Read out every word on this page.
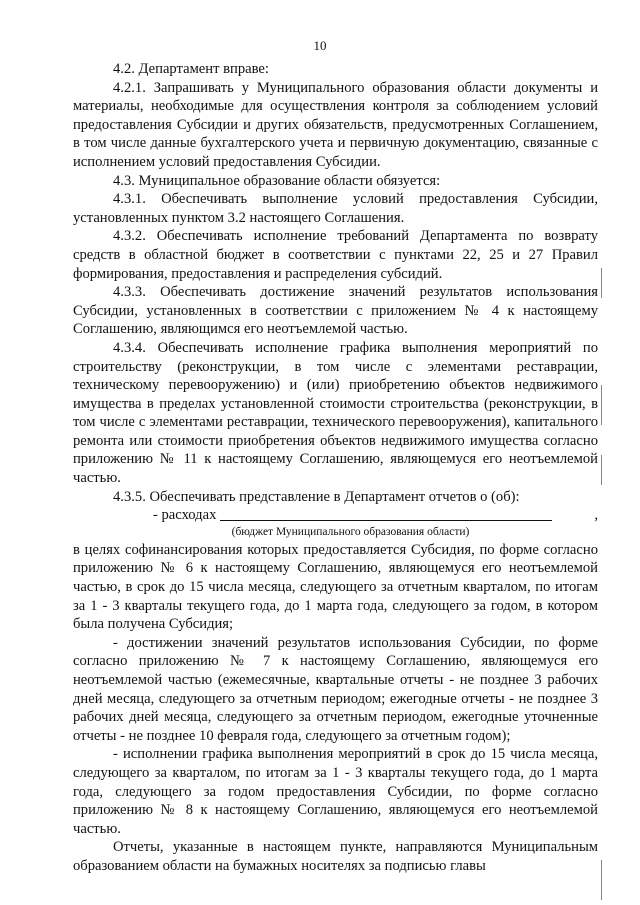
10

4.2. Департамент вправе:

4.2.1. Запрашивать у Муниципального образования области документы и материалы, необходимые для осуществления контроля за соблюдением условий предоставления Субсидии и других обязательств, предусмотренных Соглашением, в том числе данные бухгалтерского учета и первичную документацию, связанные с исполнением условий предоставления Субсидии.

4.3. Муниципальное образование области обязуется:

4.3.1. Обеспечивать выполнение условий предоставления Субсидии, установленных пунктом 3.2 настоящего Соглашения.

4.3.2. Обеспечивать исполнение требований Департамента по возврату средств в областной бюджет в соответствии с пунктами 22, 25 и 27 Правил формирования, предоставления и распределения субсидий.

4.3.3. Обеспечивать достижение значений результатов использования Субсидии, установленных в соответствии с приложением № 4 к настоящему Соглашению, являющимся его неотъемлемой частью.

4.3.4. Обеспечивать исполнение графика выполнения мероприятий по строительству (реконструкции, в том числе с элементами реставрации, техническому перевооружению) и (или) приобретению объектов недвижимого имущества в пределах установленной стоимости строительства (реконструкции, в том числе с элементами реставрации, технического перевооружения), капитального ремонта или стоимости приобретения объектов недвижимого имущества согласно приложению № 11 к настоящему Соглашению, являющемуся его неотъемлемой частью.

4.3.5. Обеспечивать представление в Департамент отчетов о (об):

- расходах	,
(бюджет Муниципального образования области)

в целях софинансирования которых предоставляется Субсидия, по форме согласно приложению № 6 к настоящему Соглашению, являющемуся его неотъемлемой частью, в срок до 15 числа месяца, следующего за отчетным кварталом, по итогам за 1 - 3 кварталы текущего года, до 1 марта года, следующего за годом, в котором была получена Субсидия;

- достижении значений результатов использования Субсидии, по форме согласно приложению № 7 к настоящему Соглашению, являющемуся его неотъемлемой частью (ежемесячные, квартальные отчеты - не позднее 3 рабочих дней месяца, следующего за отчетным периодом; ежегодные отчеты - не позднее 3 рабочих дней месяца, следующего за отчетным периодом, ежегодные уточненные отчеты - не позднее 10 февраля года, следующего за отчетным годом);

- исполнении графика выполнения мероприятий в срок до 15 числа месяца, следующего за кварталом, по итогам за 1 - 3 кварталы текущего года, до 1 марта года, следующего за годом предоставления Субсидии, по форме согласно приложению № 8 к настоящему Соглашению, являющемуся его неотъемлемой частью.

Отчеты, указанные в настоящем пункте, направляются Муниципальным образованием области на бумажных носителях за подписью главы
